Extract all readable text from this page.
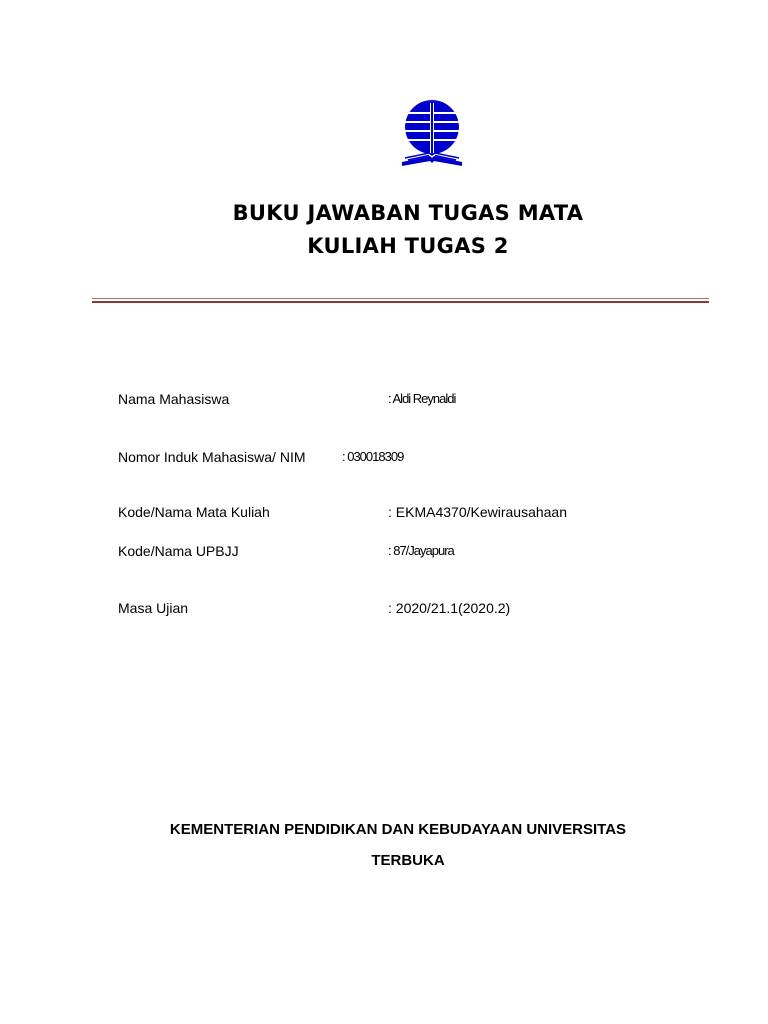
BUKU JAWABAN TUGAS MATA
KULIAH TUGAS 2
Nama Mahasiswa	: Aldi Reynaldi
Nomor Induk Mahasiswa/ NIM	: 030018309
Kode/Nama Mata Kuliah	: EKMA4370/Kewirausahaan
Kode/Nama UPBJJ	: 87/Jayapura
Masa Ujian	: 2020/21.1(2020.2)
KEMENTERIAN PENDIDIKAN DAN KEBUDAYAAN UNIVERSITAS
TERBUKA
